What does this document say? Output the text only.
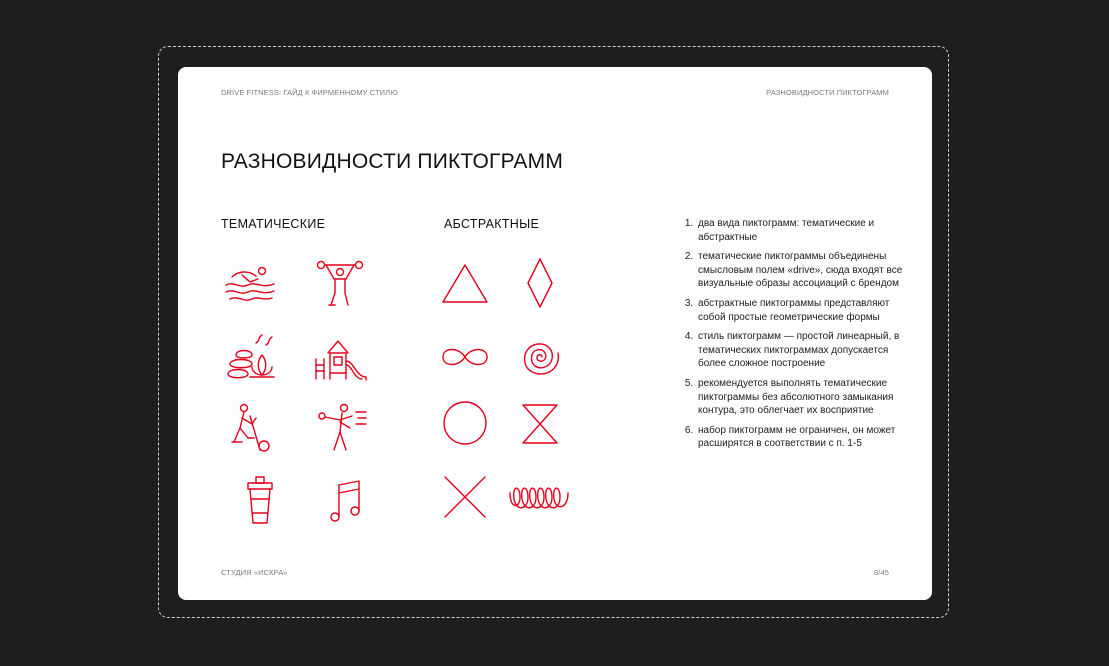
DRIVE FITNESS: ГАЙД К ФИРМЕННОМУ СТИЛЮ	РАЗНОВИДНОСТИ ПИКТОГРАММ
РАЗНОВИДНОСТИ ПИКТОГРАММ
ТЕМАТИЧЕСКИЕ	АБСТРАКТНЫЕ
1.	два вида пиктограмм: тематические и абстрактные
2. тематические пиктограммы объединены смысловым полем «drive», сюда входят все визуальные образы ассоциаций с брендом
3. абстрактные пиктограммы представляют собой простые геометрические формы
4. стиль пиктограмм — простой линеарный, в тематических пиктограммах допускается более сложное построение
5. рекомендуется выполнять тематические пиктограммы без абсолютного замыкания контура, это облегчает их восприятие
6. набор пиктограмм не ограничен, он может расширятся в соответствии с п. 1-5
СТУДИЯ «ИСКРА»	8/45
